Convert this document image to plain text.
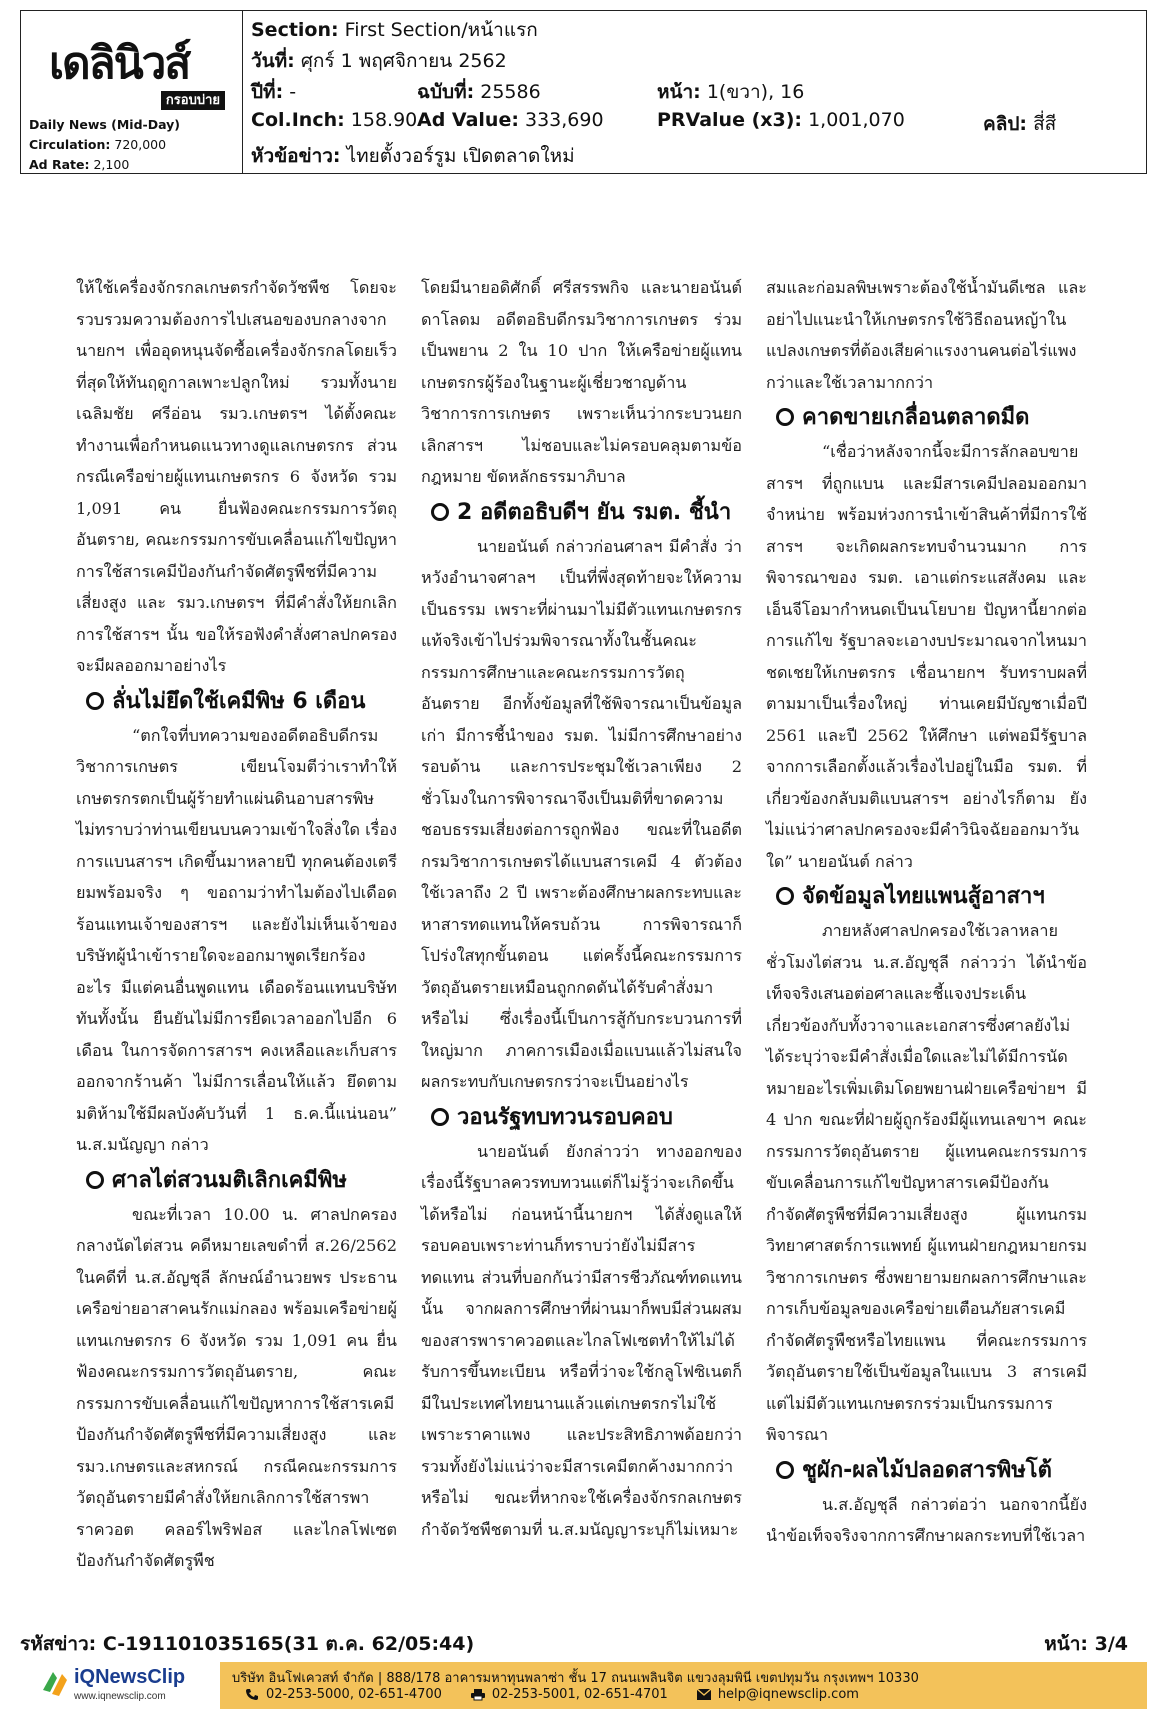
เดลินิวส์
กรอบบ่าย
Daily News (Mid-Day)
Circulation: 720,000
Ad Rate: 2,100
Section: First Section/หน้าแรก
วันที่: ศุกร์ 1 พฤศจิกายน 2562
ปีที่: -	ฉบับที่: 25586	หน้า: 1(ขวา), 16
Col.Inch: 158.90 Ad Value: 333,690	PRValue (x3): 1,001,070	คลิป: สี่สี
หัวข้อข่าว: ไทยตั้งวอร์รูม เปิดตลาดใหม่

ให้ใช้เครื่องจักรกลเกษตรกำจัดวัชพืช โดยจะรวบรวมความต้องการไปเสนอของบกลางจากนายกฯ เพื่ออุดหนุนจัดซื้อเครื่องจักรกลโดยเร็วที่สุดให้ทันฤดูกาลเพาะปลูกใหม่ รวมทั้งนายเฉลิมชัย ศรีอ่อน รมว.เกษตรฯ ได้ตั้งคณะทำงานเพื่อกำหนดแนวทางดูแลเกษตรกร ส่วนกรณีเครือข่ายผู้แทนเกษตรกร 6 จังหวัด รวม 1,091 คน ยื่นฟ้องคณะกรรมการวัตถุอันตราย, คณะกรรมการขับเคลื่อนแก้ไขปัญหาการใช้สารเคมีป้องกันกำจัดศัตรูพืชที่มีความเสี่ยงสูง และ รมว.เกษตรฯ ที่มีคำสั่งให้ยกเลิกการใช้สารฯ นั้น ขอให้รอฟังคำสั่งศาลปกครองจะมีผลออกมาอย่างไร

ลั่นไม่ยึดใช้เคมีพิษ 6 เดือน

“ตกใจที่บทความของอดีตอธิบดีกรมวิชาการเกษตร เขียนโจมตีว่าเราทำให้เกษตรกรตกเป็นผู้ร้ายทำแผ่นดินอาบสารพิษ ไม่ทราบว่าท่านเขียนบนความเข้าใจสิ่งใด เรื่องการแบนสารฯ เกิดขึ้นมาหลายปี ทุกคนต้องเตรียมพร้อมจริง ๆ ขอถามว่าทำไมต้องไปเดือดร้อนแทนเจ้าของสารฯ และยังไม่เห็นเจ้าของบริษัทผู้นำเข้ารายใดจะออกมาพูดเรียกร้องอะไร มีแต่คนอื่นพูดแทน เดือดร้อนแทนบริษัททันทั้งนั้น ยืนยันไม่มีการยืดเวลาออกไปอีก 6 เดือน ในการจัดการสารฯ คงเหลือและเก็บสารออกจากร้านค้า ไม่มีการเลื่อนให้แล้ว ยึดตามมติห้ามใช้มีผลบังคับวันที่ 1 ธ.ค.นี้แน่นอน” น.ส.มนัญญา กล่าว

ศาลไต่สวนมติเลิกเคมีพิษ

ขณะที่เวลา 10.00 น. ศาลปกครองกลางนัดไต่สวน คดีหมายเลขดำที่ ส.26/2562 ในคดีที่ น.ส.อัญชุลี ลักษณ์อำนวยพร ประธานเครือข่ายอาสาคนรักแม่กลอง พร้อมเครือข่ายผู้แทนเกษตรกร 6 จังหวัด รวม 1,091 คน ยื่นฟ้องคณะกรรมการวัตถุอันตราย, คณะกรรมการขับเคลื่อนแก้ไขปัญหาการใช้สารเคมีป้องกันกำจัดศัตรูพืชที่มีความเสี่ยงสูง และรมว.เกษตรและสหกรณ์ กรณีคณะกรรมการวัตถุอันตรายมีคำสั่งให้ยกเลิกการใช้สารพาราควอต คลอร์ไพริฟอส และไกลโฟเซต ป้องกันกำจัดศัตรูพืช

โดยมีนายอดิศักดิ์ ศรีสรรพกิจ และนายอนันต์ ดาโลดม อดีตอธิบดีกรมวิชาการเกษตร ร่วมเป็นพยาน 2 ใน 10 ปาก ให้เครือข่ายผู้แทนเกษตรกรผู้ร้องในฐานะผู้เชี่ยวชาญด้านวิชาการการเกษตร เพราะเห็นว่ากระบวนยกเลิกสารฯ ไม่ชอบและไม่ครอบคลุมตามข้อกฎหมาย ขัดหลักธรรมาภิบาล

2 อดีตอธิบดีฯ ยัน รมต. ชี้นำ

นายอนันต์ กล่าวก่อนศาลฯ มีคำสั่ง ว่า หวังอำนาจศาลฯ เป็นที่พึ่งสุดท้ายจะให้ความเป็นธรรม เพราะที่ผ่านมาไม่มีตัวแทนเกษตรกรแท้จริงเข้าไปร่วมพิจารณาทั้งในชั้นคณะกรรมการศึกษาและคณะกรรมการวัตถุอันตราย อีกทั้งข้อมูลที่ใช้พิจารณาเป็นข้อมูลเก่า มีการชี้นำของ รมต. ไม่มีการศึกษาอย่างรอบด้าน และการประชุมใช้เวลาเพียง 2 ชั่วโมงในการพิจารณาจึงเป็นมติที่ขาดความชอบธรรมเสี่ยงต่อการถูกฟ้อง ขณะที่ในอดีตกรมวิชาการเกษตรได้แบนสารเคมี 4 ตัวต้องใช้เวลาถึง 2 ปี เพราะต้องศึกษาผลกระทบและหาสารทดแทนให้ครบถ้วน การพิจารณาก็โปร่งใสทุกขั้นตอน แต่ครั้งนี้คณะกรรมการวัตถุอันตรายเหมือนถูกกดดันได้รับคำสั่งมาหรือไม่ ซึ่งเรื่องนี้เป็นการสู้กับกระบวนการที่ใหญ่มาก ภาคการเมืองเมื่อแบนแล้วไม่สนใจผลกระทบกับเกษตรกรว่าจะเป็นอย่างไร

วอนรัฐทบทวนรอบคอบ

นายอนันต์ ยังกล่าวว่า ทางออกของเรื่องนี้รัฐบาลควรทบทวนแต่ก็ไม่รู้ว่าจะเกิดขึ้นได้หรือไม่ ก่อนหน้านี้นายกฯ ได้สั่งดูแลให้รอบคอบเพราะท่านก็ทราบว่ายังไม่มีสารทดแทน ส่วนที่บอกกันว่ามีสารชีวภัณฑ์ทดแทนนั้น จากผลการศึกษาที่ผ่านมาก็พบมีส่วนผสมของสารพาราควอตและไกลโฟเซตทำให้ไม่ได้รับการขึ้นทะเบียน หรือที่ว่าจะใช้กลูโฟซิเนตก็มีในประเทศไทยนานแล้วแต่เกษตรกรไม่ใช้เพราะราคาแพง และประสิทธิภาพด้อยกว่า รวมทั้งยังไม่แน่ว่าจะมีสารเคมีตกค้างมากกว่าหรือไม่ ขณะที่หากจะใช้เครื่องจักรกลเกษตรกำจัดวัชพืชตามที่ น.ส.มนัญญาระบุก็ไม่เหมาะ

สมและก่อมลพิษเพราะต้องใช้น้ำมันดีเซล และอย่าไปแนะนำให้เกษตรกรใช้วิธีถอนหญ้าในแปลงเกษตรที่ต้องเสียค่าแรงงานคนต่อไร่แพงกว่าและใช้เวลามากกว่า

คาดขายเกลื่อนตลาดมืด

“เชื่อว่าหลังจากนี้จะมีการลักลอบขายสารฯ ที่ถูกแบน และมีสารเคมีปลอมออกมาจำหน่าย พร้อมห่วงการนำเข้าสินค้าที่มีการใช้สารฯ จะเกิดผลกระทบจำนวนมาก การพิจารณาของ รมต. เอาแต่กระแสสังคม และเอ็นจีโอมากำหนดเป็นนโยบาย ปัญหานี้ยากต่อการแก้ไข รัฐบาลจะเอางบประมาณจากไหนมาชดเชยให้เกษตรกร เชื่อนายกฯ รับทราบผลที่ตามมาเป็นเรื่องใหญ่ ท่านเคยมีบัญชาเมื่อปี 2561 และปี 2562 ให้ศึกษา แต่พอมีรัฐบาลจากการเลือกตั้งแล้วเรื่องไปอยู่ในมือ รมต. ที่เกี่ยวข้องกลับมติแบนสารฯ อย่างไรก็ตาม ยังไม่แน่ว่าศาลปกครองจะมีคำวินิจฉัยออกมาวันใด” นายอนันต์ กล่าว

จัดข้อมูลไทยแพนสู้อาสาฯ

ภายหลังศาลปกครองใช้เวลาหลายชั่วโมงไต่สวน น.ส.อัญชุลี กล่าวว่า ได้นำข้อเท็จจริงเสนอต่อศาลและชี้แจงประเด็นเกี่ยวข้องกับทั้งวาจาและเอกสารซึ่งศาลยังไม่ได้ระบุว่าจะมีคำสั่งเมื่อใดและไม่ได้มีการนัดหมายอะไรเพิ่มเติมโดยพยานฝ่ายเครือข่ายฯ มี 4 ปาก ขณะที่ฝ่ายผู้ถูกร้องมีผู้แทนเลขาฯ คณะกรรมการวัตถุอันตราย ผู้แทนคณะกรรมการขับเคลื่อนการแก้ไขปัญหาสารเคมีป้องกันกำจัดศัตรูพืชที่มีความเสี่ยงสูง ผู้แทนกรมวิทยาศาสตร์การแพทย์ ผู้แทนฝ่ายกฎหมายกรมวิชาการเกษตร ซึ่งพยายามยกผลการศึกษาและการเก็บข้อมูลของเครือข่ายเตือนภัยสารเคมีกำจัดศัตรูพืชหรือไทยแพน ที่คณะกรรมการวัตถุอันตรายใช้เป็นข้อมูลในแบน 3 สารเคมี แต่ไม่มีตัวแทนเกษตรกรร่วมเป็นกรรมการพิจารณา

ชูผัก-ผลไม้ปลอดสารพิษโต้

น.ส.อัญชุลี กล่าวต่อว่า นอกจากนี้ยังนำข้อเท็จจริงจากการศึกษาผลกระทบที่ใช้เวลา

รหัสข่าว: C-191101035165(31 ต.ค. 62/05:44)	หน้า: 3/4
iQNewsClip
www.iqnewsclip.com
บริษัท อินโฟเควสท์ จำกัด | 888/178 อาคารมหาทุนพลาซ่า ชั้น 17 ถนนเพลินจิต แขวงลุมพินี เขตปทุมวัน กรุงเทพฯ 10330
02-253-5000, 02-651-4700	02-253-5001, 02-651-4701	help@iqnewsclip.com
